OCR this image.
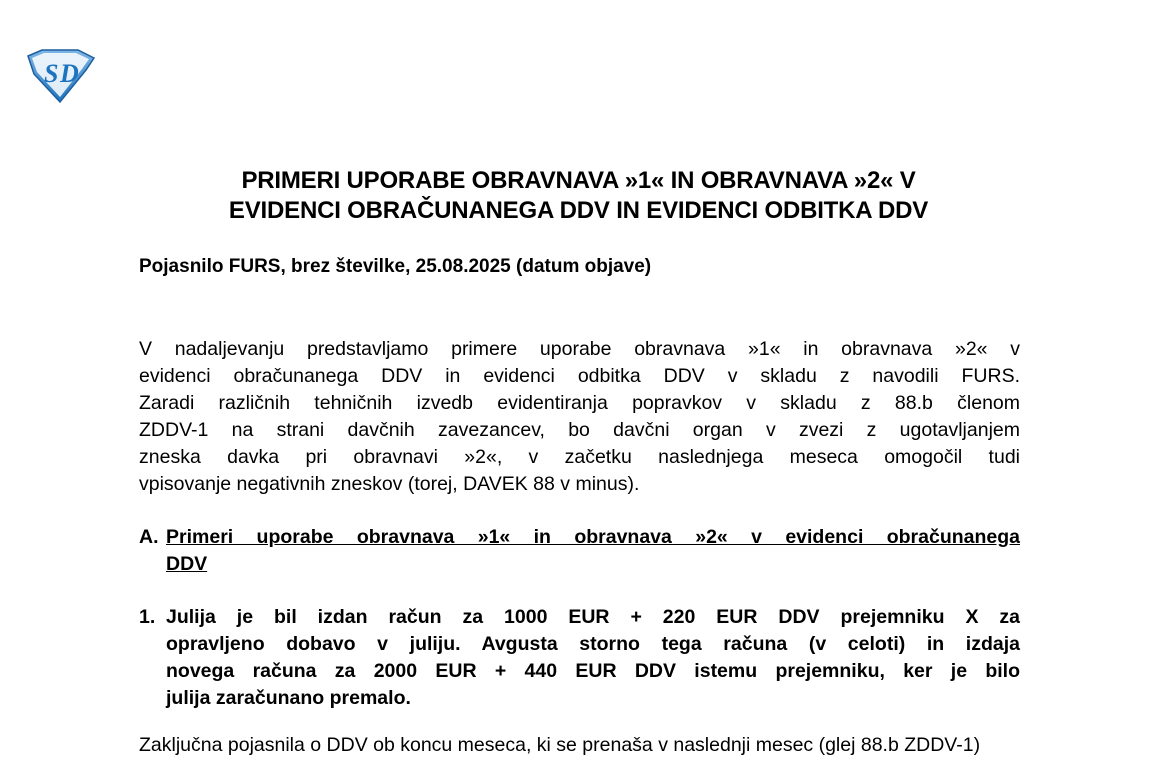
S D
PRIMERI UPORABE OBRAVNAVA »1« IN OBRAVNAVA »2« V
EVIDENCI OBRAČUNANEGA DDV IN EVIDENCI ODBITKA DDV
Pojasnilo FURS, brez številke, 25.08.2025 (datum objave)
V nadaljevanju predstavljamo primere uporabe obravnava »1« in obravnava »2« v
evidenci obračunanega DDV in evidenci odbitka DDV v skladu z navodili FURS.
Zaradi različnih tehničnih izvedb evidentiranja popravkov v skladu z 88.b členom
ZDDV-1 na strani davčnih zavezancev, bo davčni organ v zvezi z ugotavljanjem
zneska davka pri obravnavi »2«, v začetku naslednjega meseca omogočil tudi
vpisovanje negativnih zneskov (torej, DAVEK 88 v minus).
A. Primeri uporabe obravnava »1« in obravnava »2« v evidenci obračunanega
DDV
1. Julija je bil izdan račun za 1000 EUR + 220 EUR DDV prejemniku X za
opravljeno dobavo v juliju. Avgusta storno tega računa (v celoti) in izdaja
novega računa za 2000 EUR + 440 EUR DDV istemu prejemniku, ker je bilo
julija zaračunano premalo.
Zaključna pojasnila o DDV ob koncu meseca, ki se prenaša v naslednji mesec (glej 88.b ZDDV-1)
